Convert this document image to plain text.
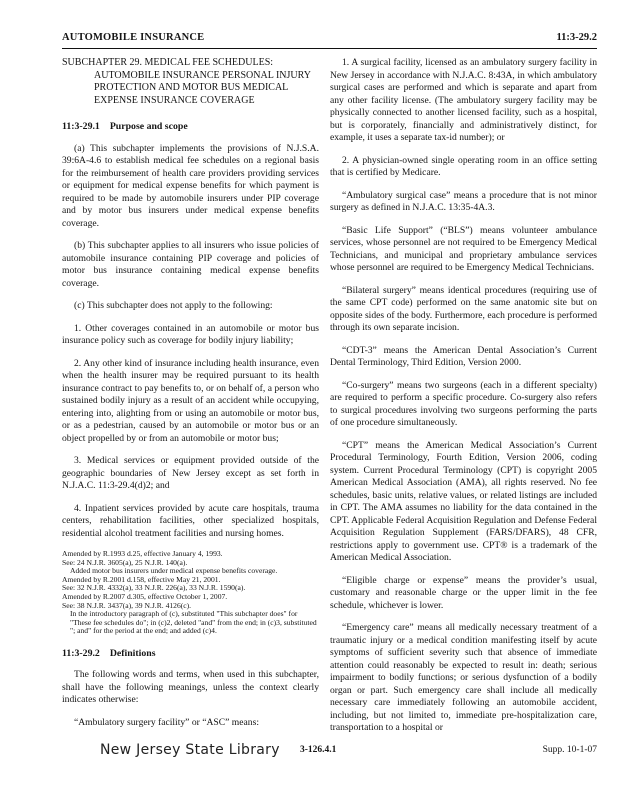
AUTOMOBILE INSURANCE	11:3-29.2
SUBCHAPTER 29. MEDICAL FEE SCHEDULES:
AUTOMOBILE INSURANCE PERSONAL INJURY PROTECTION AND MOTOR BUS MEDICAL EXPENSE INSURANCE COVERAGE
11:3-29.1 Purpose and scope

(a) This subchapter implements the provisions of N.J.S.A. 39:6A-4.6 to establish medical fee schedules on a regional basis for the reimbursement of health care providers providing services or equipment for medical expense benefits for which payment is required to be made by automobile insurers under PIP coverage and by motor bus insurers under medical expense benefits coverage.

(b) This subchapter applies to all insurers who issue policies of automobile insurance containing PIP coverage and policies of motor bus insurance containing medical expense benefits coverage.

(c) This subchapter does not apply to the following:

1. Other coverages contained in an automobile or motor bus insurance policy such as coverage for bodily injury liability;

2. Any other kind of insurance including health insurance, even when the health insurer may be required pursuant to its health insurance contract to pay benefits to, or on behalf of, a person who sustained bodily injury as a result of an accident while occupying, entering into, alighting from or using an automobile or motor bus, or as a pedestrian, caused by an automobile or motor bus or an object propelled by or from an automobile or motor bus;

3. Medical services or equipment provided outside of the geographic boundaries of New Jersey except as set forth in N.J.A.C. 11:3-29.4(d)2; and

4. Inpatient services provided by acute care hospitals, trauma centers, rehabilitation facilities, other specialized hospitals, residential alcohol treatment facilities and nursing homes.

Amended by R.1993 d.25, effective January 4, 1993.
See: 24 N.J.R. 3605(a), 25 N.J.R. 140(a).
Added motor bus insurers under medical expense benefits coverage.
Amended by R.2001 d.158, effective May 21, 2001.
See: 32 N.J.R. 4332(a), 33 N.J.R. 226(a), 33 N.J.R. 1590(a).
Amended by R.2007 d.305, effective October 1, 2007.
See: 38 N.J.R. 3437(a), 39 N.J.R. 4126(c).
In the introductory paragraph of (c), substituted "This subchapter does" for "These fee schedules do"; in (c)2, deleted "and" from the end; in (c)3, substituted "; and" for the period at the end; and added (c)4.
11:3-29.2 Definitions

The following words and terms, when used in this subchapter, shall have the following meanings, unless the context clearly indicates otherwise:

“Ambulatory surgery facility” or “ASC” means:

1. A surgical facility, licensed as an ambulatory surgery facility in New Jersey in accordance with N.J.A.C. 8:43A, in which ambulatory surgical cases are performed and which is separate and apart from any other facility license. (The ambulatory surgery facility may be physically connected to another licensed facility, such as a hospital, but is corporately, financially and administratively distinct, for example, it uses a separate tax-id number); or

2. A physician-owned single operating room in an office setting that is certified by Medicare.

“Ambulatory surgical case” means a procedure that is not minor surgery as defined in N.J.A.C. 13:35-4A.3.

“Basic Life Support” (“BLS”) means volunteer ambulance services, whose personnel are not required to be Emergency Medical Technicians, and municipal and proprietary ambulance services whose personnel are required to be Emergency Medical Technicians.

“Bilateral surgery” means identical procedures (requiring use of the same CPT code) performed on the same anatomic site but on opposite sides of the body. Furthermore, each procedure is performed through its own separate incision.

“CDT-3” means the American Dental Association’s Current Dental Terminology, Third Edition, Version 2000.

“Co-surgery” means two surgeons (each in a different specialty) are required to perform a specific procedure. Co-surgery also refers to surgical procedures involving two surgeons performing the parts of one procedure simultaneously.

“CPT” means the American Medical Association’s Current Procedural Terminology, Fourth Edition, Version 2006, coding system. Current Procedural Terminology (CPT) is copyright 2005 American Medical Association (AMA), all rights reserved. No fee schedules, basic units, relative values, or related listings are included in CPT. The AMA assumes no liability for the data contained in the CPT. Applicable Federal Acquisition Regulation and Defense Federal Acquisition Regulation Supplement (FARS/DFARS), 48 CFR, restrictions apply to government use. CPT® is a trademark of the American Medical Association.

“Eligible charge or expense” means the provider’s usual, customary and reasonable charge or the upper limit in the fee schedule, whichever is lower.

“Emergency care” means all medically necessary treatment of a traumatic injury or a medical condition manifesting itself by acute symptoms of sufficient severity such that absence of immediate attention could reasonably be expected to result in: death; serious impairment to bodily functions; or serious dysfunction of a bodily organ or part. Such emergency care shall include all medically necessary care immediately following an automobile accident, including, but not limited to, immediate pre-hospitalization care, transportation to a hospital or

New Jersey State Library 3-126.4.1	Supp. 10-1-07
